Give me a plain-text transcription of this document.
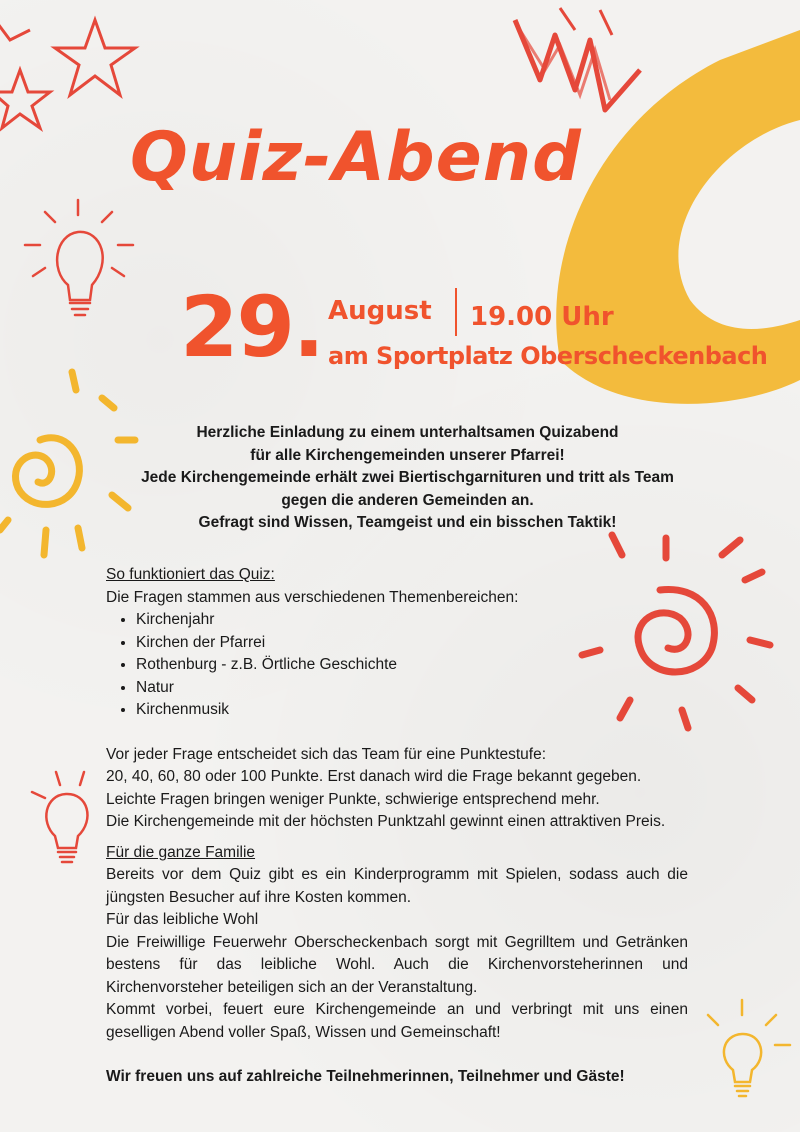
Quiz-Abend
29. August 19.00 Uhr
am Sportplatz Oberscheckenbach
Herzliche Einladung zu einem unterhaltsamen Quizabend
für alle Kirchengemeinden unserer Pfarrei!
Jede Kirchengemeinde erhält zwei Biertischgarnituren und tritt als Team
gegen die anderen Gemeinden an.
Gefragt sind Wissen, Teamgeist und ein bisschen Taktik!
So funktioniert das Quiz:
Die Fragen stammen aus verschiedenen Themenbereichen:
• Kirchenjahr
• Kirchen der Pfarrei
• Rothenburg - z.B. Örtliche Geschichte
• Natur
• Kirchenmusik
Vor jeder Frage entscheidet sich das Team für eine Punktestufe:
20, 40, 60, 80 oder 100 Punkte. Erst danach wird die Frage bekannt gegeben.
Leichte Fragen bringen weniger Punkte, schwierige entsprechend mehr.
Die Kirchengemeinde mit der höchsten Punktzahl gewinnt einen attraktiven Preis.
Für die ganze Familie
Bereits vor dem Quiz gibt es ein Kinderprogramm mit Spielen, sodass auch die jüngsten Besucher auf ihre Kosten kommen.
Für das leibliche Wohl
Die Freiwillige Feuerwehr Oberscheckenbach sorgt mit Gegrilltem und Getränken bestens für das leibliche Wohl. Auch die Kirchenvorsteherinnen und Kirchenvorsteher beteiligen sich an der Veranstaltung.
Kommt vorbei, feuert eure Kirchengemeinde an und verbringt mit uns einen geselligen Abend voller Spaß, Wissen und Gemeinschaft!
Wir freuen uns auf zahlreiche Teilnehmerinnen, Teilnehmer und Gäste!
